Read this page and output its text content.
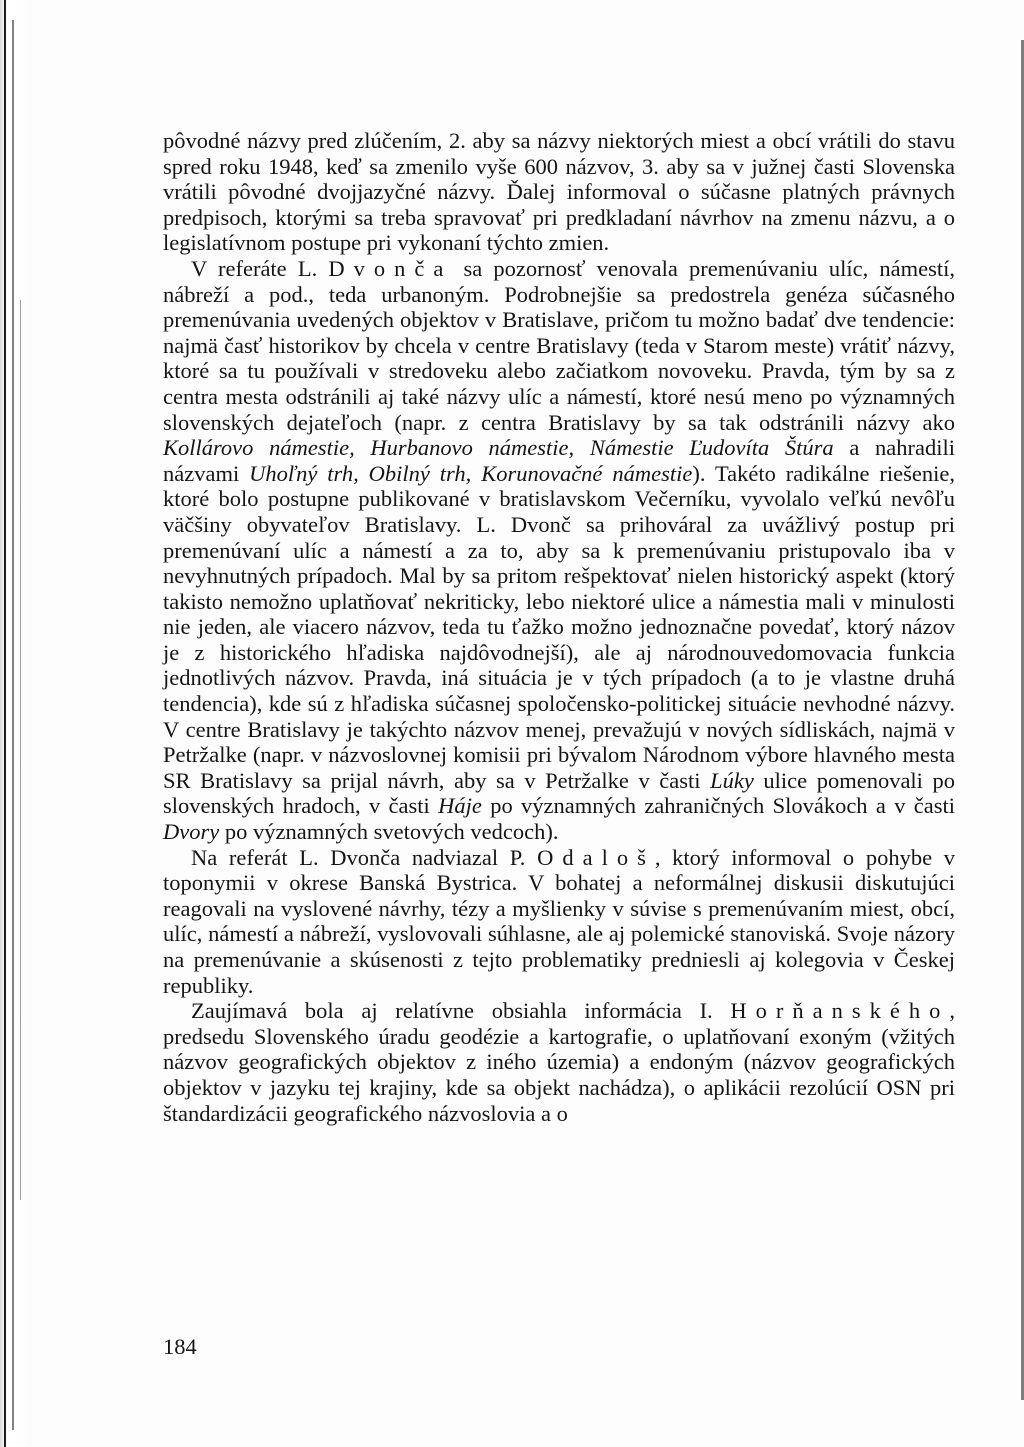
pôvodné názvy pred zlúčením, 2. aby sa názvy niektorých miest a obcí vrátili do stavu spred roku 1948, keď sa zmenilo vyše 600 názvov, 3. aby sa v južnej časti Slovenska vrátili pôvodné dvojjazyčné názvy. Ďalej informoval o súčasne platných právnych predpisoch, ktorými sa treba spravovať pri predkladaní návrhov na zmenu názvu, a o legislatívnom postupe pri vykonaní týchto zmien.

V referáte L. Dvonča sa pozornosť venovala premenúvaniu ulíc, námestí, nábreží a pod., teda urbanoným. Podrobnejšie sa predostrela genéza súčasného premenúvania uvedených objektov v Bratislave, pričom tu možno badať dve tendencie: najmä časť historikov by chcela v centre Bratislavy (teda v Starom meste) vrátiť názvy, ktoré sa tu používali v stredoveku alebo začiatkom novoveku. Pravda, tým by sa z centra mesta odstránili aj také názvy ulíc a námestí, ktoré nesú meno po významných slovenských dejateľoch (napr. z centra Bratislavy by sa tak odstránili názvy ako Kollárovo námestie, Hurbanovo námestie, Námestie Ľudovíta Štúra a nahradili názvami Uhoľný trh, Obilný trh, Korunovačné námestie). Takéto radikálne riešenie, ktoré bolo postupne publikované v bratislavskom Večerníku, vyvolalo veľkú nevôľu väčšiny obyvateľov Bratislavy. L. Dvonč sa prihováral za uvážlivý postup pri premenúvaní ulíc a námestí a za to, aby sa k premenúvaniu pristupovalo iba v nevyhnutných prípadoch. Mal by sa pritom rešpektovať nielen historický aspekt (ktorý takisto nemožno uplatňovať nekriticky, lebo niektoré ulice a námestia mali v minulosti nie jeden, ale viacero názvov, teda tu ťažko možno jednoznačne povedať, ktorý názov je z historického hľadiska najdôvodnejší), ale aj národnouvedomovacia funkcia jednotlivých názvov. Pravda, iná situácia je v tých prípadoch (a to je vlastne druhá tendencia), kde sú z hľadiska súčasnej spoločensko-politickej situácie nevhodné názvy. V centre Bratislavy je takýchto názvov menej, prevažujú v nových sídliskách, najmä v Petržalke (napr. v názvoslovnej komisii pri bývalom Národnom výbore hlavného mesta SR Bratislavy sa prijal návrh, aby sa v Petržalke v časti Lúky ulice pomenovali po slovenských hradoch, v časti Háje po významných zahraničných Slovákoch a v časti Dvory po významných svetových vedcoch).

Na referát L. Dvonča nadviazal P. Odaloš, ktorý informoval o pohybe v toponymii v okrese Banská Bystrica. V bohatej a neformálnej diskusii diskutujúci reagovali na vyslovené návrhy, tézy a myšlienky v súvise s premenúvaním miest, obcí, ulíc, námestí a nábreží, vyslovovali súhlasne, ale aj polemické stanoviská. Svoje názory na premenúvanie a skúsenosti z tejto problematiky predniesli aj kolegovia v Českej republiky.

Zaujímavá bola aj relatívne obsiahla informácia I. Horňanského, predsedu Slovenského úradu geodézie a kartografie, o uplatňovaní exoným (vžitých názvov geografických objektov z iného územia) a endoným (názvov geografických objektov v jazyku tej krajiny, kde sa objekt nachádza), o aplikácii rezolúcií OSN pri štandardizácii geografického názvoslovia a o

184
